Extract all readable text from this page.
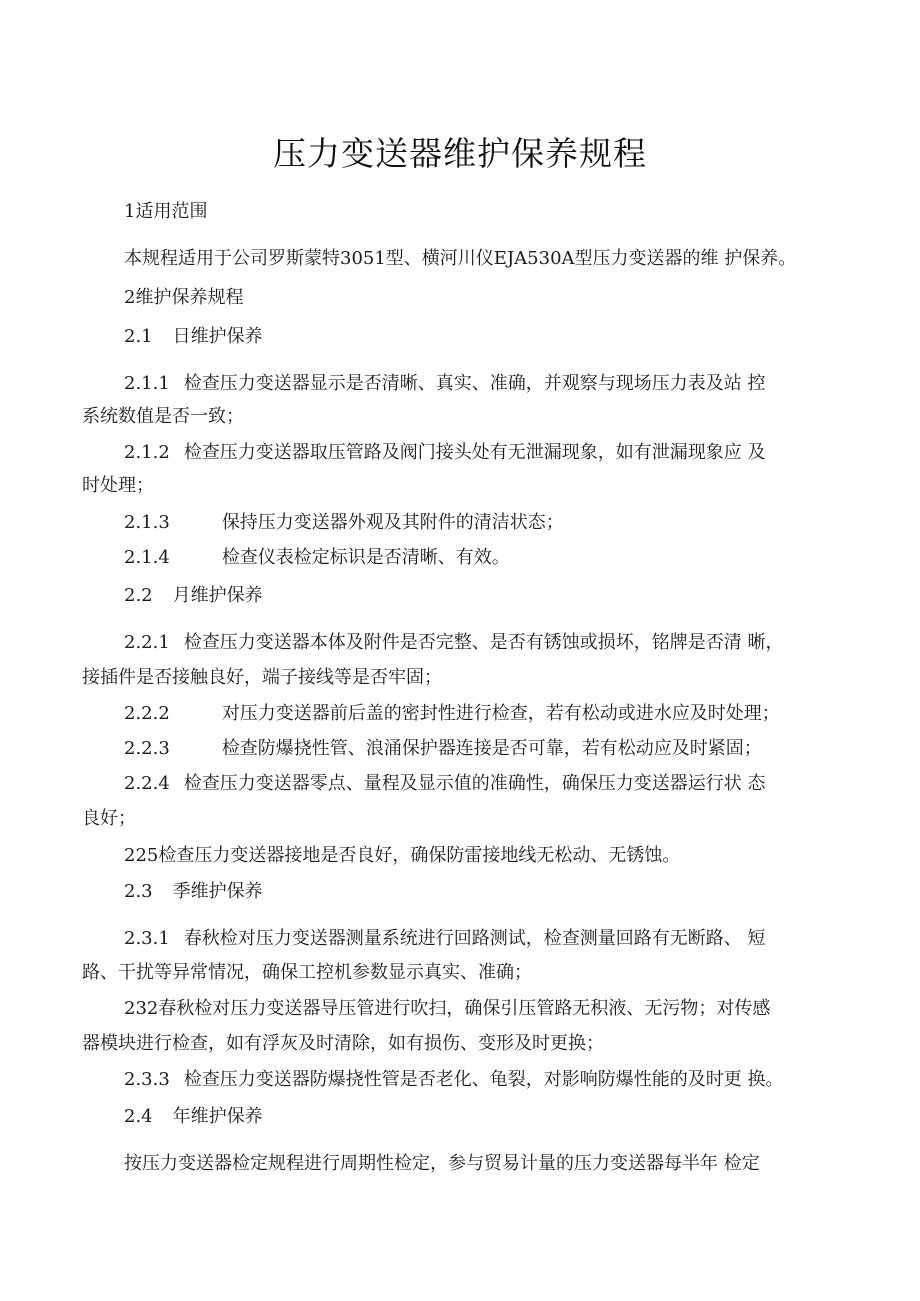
压力变送器维护保养规程
1适用范围
本规程适用于公司罗斯蒙特3051型、横河川仪EJA530A型压力变送器的维 护保养。
2维护保养规程
2.1 日维护保养
2.1.1 检查压力变送器显示是否清晰、真实、准确，并观察与现场压力表及站 控
系统数值是否一致；
2.1.2 检查压力变送器取压管路及阀门接头处有无泄漏现象，如有泄漏现象应 及
时处理；
2.1.3	保持压力变送器外观及其附件的清洁状态；
2.1.4	检查仪表检定标识是否清晰、有效。
2.2 月维护保养
2.2.1 检查压力变送器本体及附件是否完整、是否有锈蚀或损坏，铭牌是否清 晰，
接插件是否接触良好，端子接线等是否牢固；
2.2.2	对压力变送器前后盖的密封性进行检查，若有松动或进水应及时处理；
2.2.3	检查防爆挠性管、浪涌保护器连接是否可靠，若有松动应及时紧固；
2.2.4 检查压力变送器零点、量程及显示值的准确性，确保压力变送器运行状 态
良好；
225检查压力变送器接地是否良好，确保防雷接地线无松动、无锈蚀。
2.3 季维护保养
2.3.1 春秋检对压力变送器测量系统进行回路测试，检查测量回路有无断路、 短
路、干扰等异常情况，确保工控机参数显示真实、准确；
232春秋检对压力变送器导压管进行吹扫，确保引压管路无积液、无污物；对传感
器模块进行检查，如有浮灰及时清除，如有损伤、变形及时更换；
2.3.3 检查压力变送器防爆挠性管是否老化、龟裂，对影响防爆性能的及时更 换。
2.4 年维护保养
按压力变送器检定规程进行周期性检定，参与贸易计量的压力变送器每半年 检定
